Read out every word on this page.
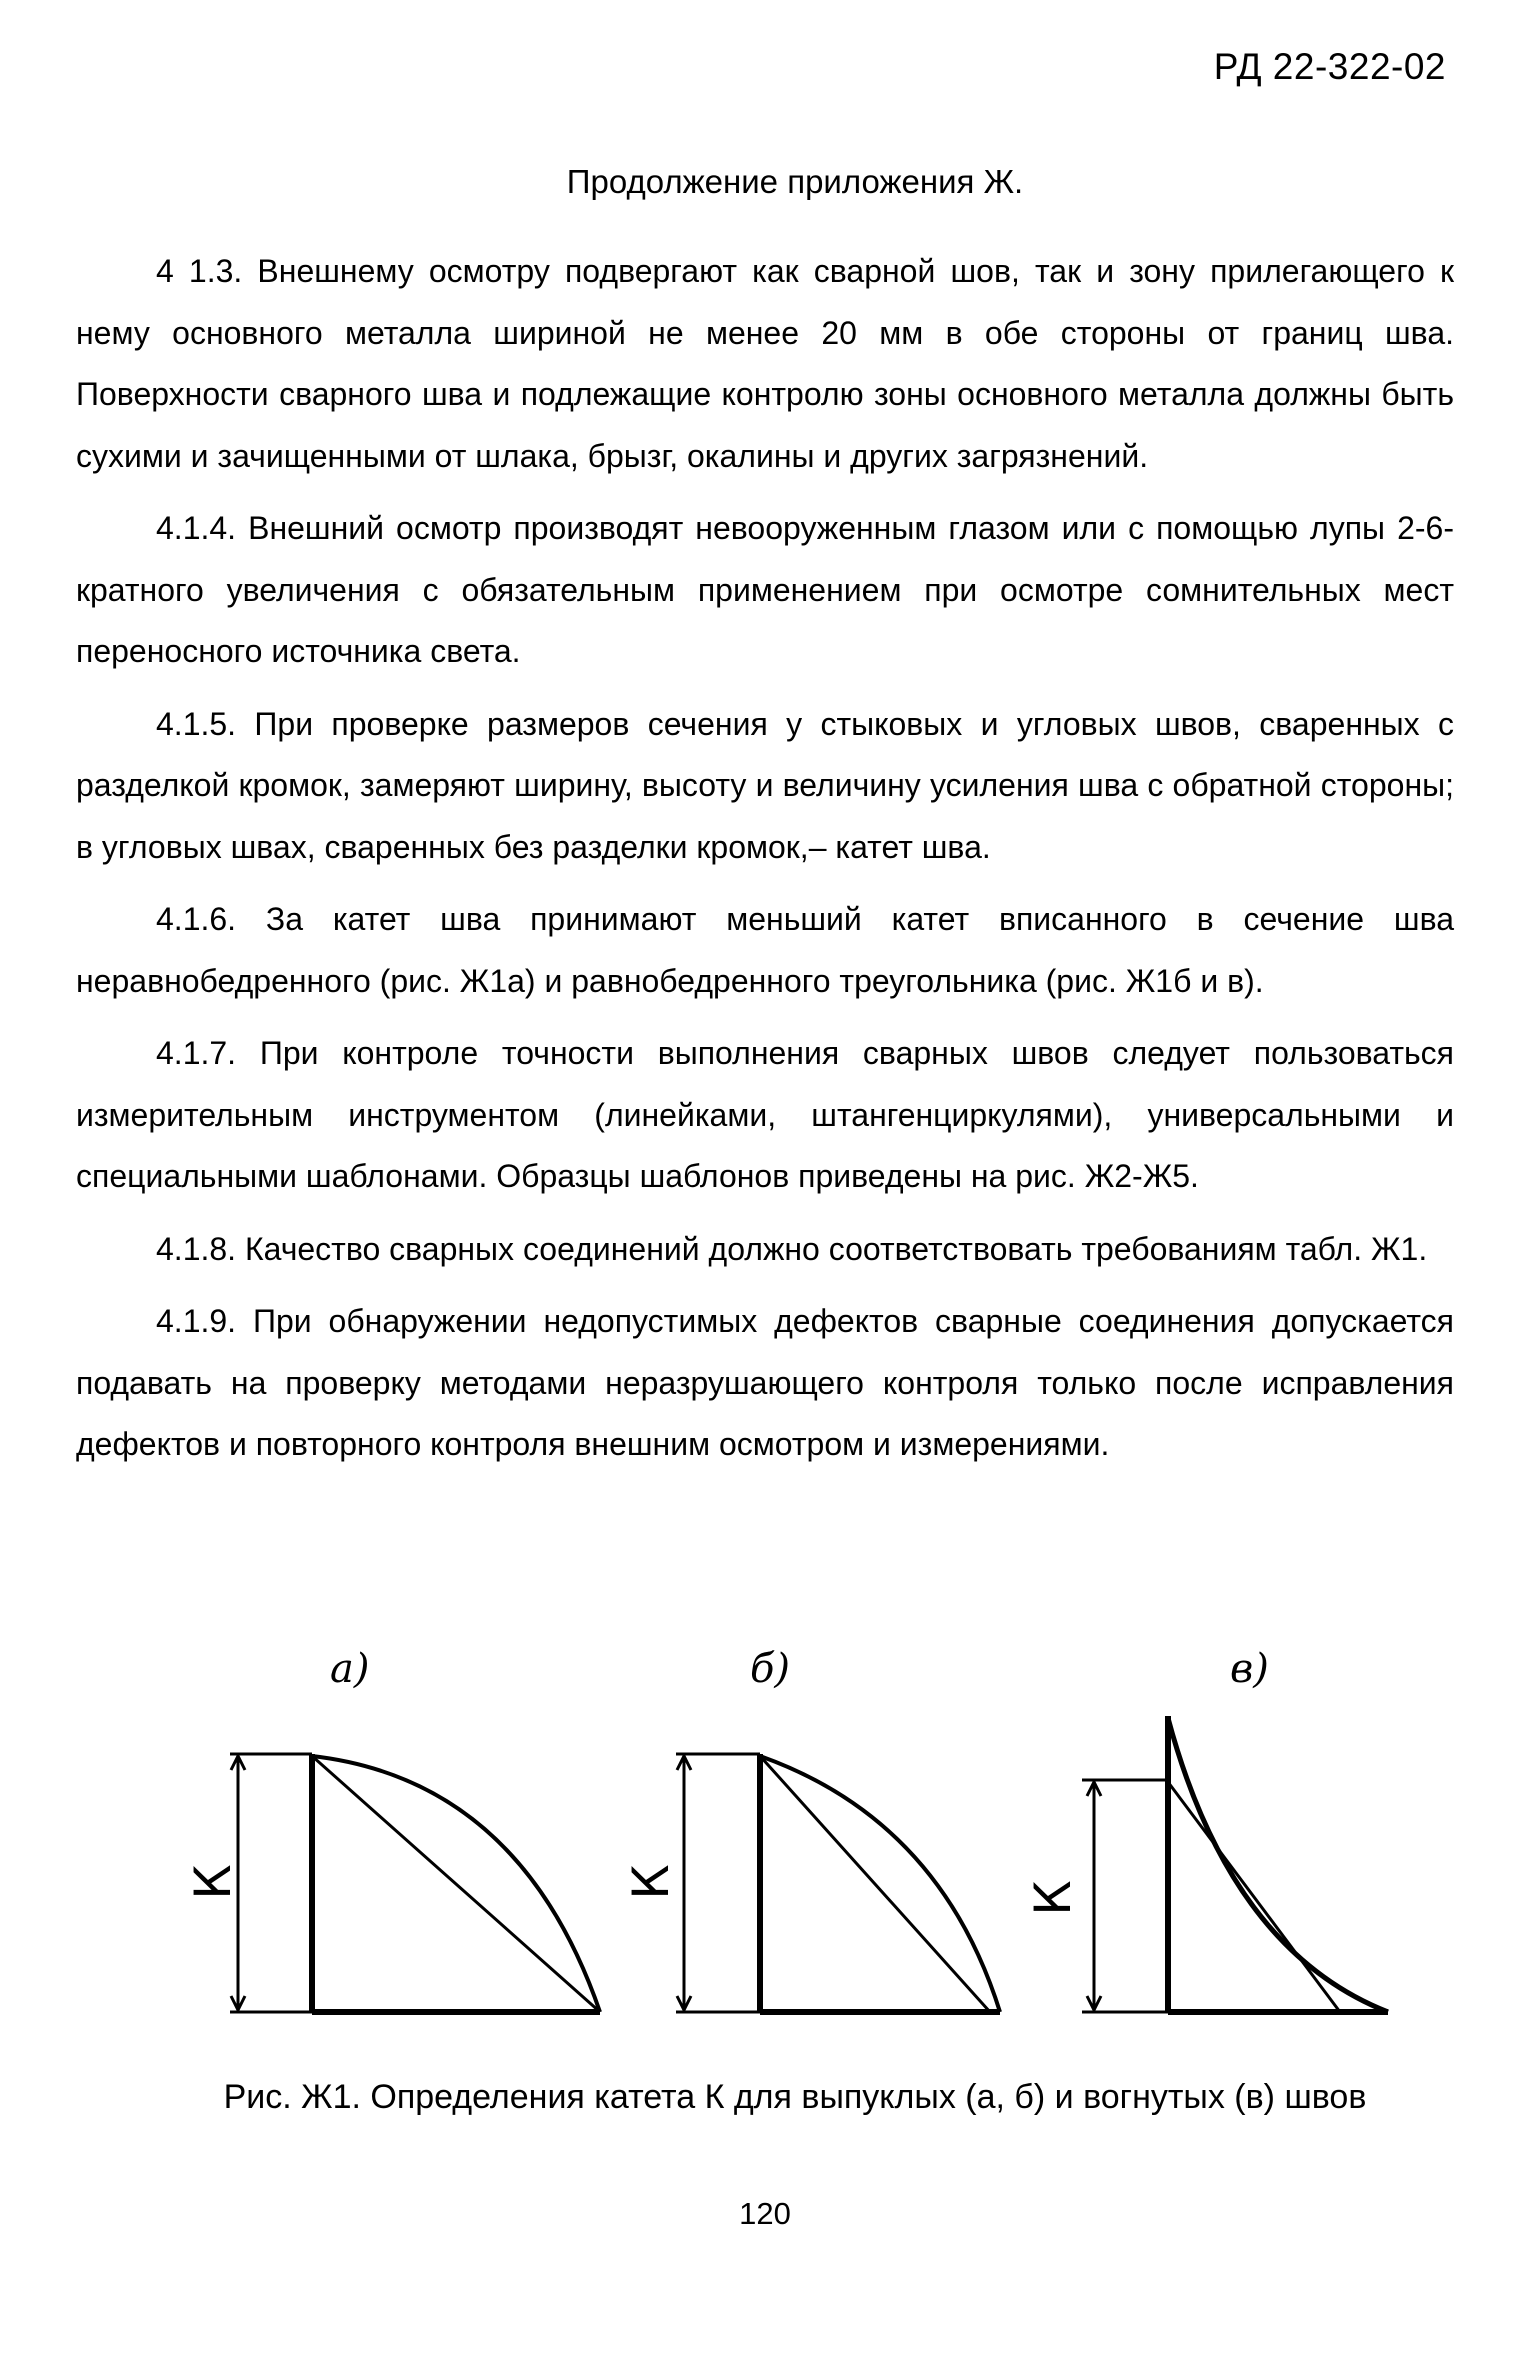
РД 22-322-02
Продолжение приложения Ж.

4 1.3. Внешнему осмотру подвергают как сварной шов, так и зону прилегающего к нему основного металла шириной не менее 20 мм в обе стороны от границ шва. Поверхности сварного шва и подлежащие контролю зоны основного металла должны быть сухими и зачищенными от шлака, брызг, окалины и других загрязнений.

4.1.4. Внешний осмотр производят невооруженным глазом или с помощью лупы 2-6-кратного увеличения с обязательным применением при осмотре сомнительных мест переносного источника света.

4.1.5. При проверке размеров сечения у стыковых и угловых швов, сваренных с разделкой кромок, замеряют ширину, высоту и величину усиления шва с обратной стороны; в угловых швах, сваренных без разделки кромок,– катет шва.

4.1.6. За катет шва принимают меньший катет вписанного в сечение шва неравнобедренного (рис. Ж1а) и равнобедренного треугольника (рис. Ж1б и в).

4.1.7. При контроле точности выполнения сварных швов следует пользоваться измерительным инструментом (линейками, штангенциркулями), универсальными и специальными шаблонами. Образцы шаблонов приведены на рис. Ж2-Ж5.

4.1.8. Качество сварных соединений должно соответствовать требованиям табл. Ж1.

4.1.9. При обнаружении недопустимых дефектов сварные соединения допускается подавать на проверку методами неразрушающего контроля только после исправления дефектов и повторного контроля внешним осмотром и измерениями.

а)
К
б)
К
в)
К
Рис. Ж1. Определения катета К для выпуклых (а, б) и вогнутых (в) швов
120
